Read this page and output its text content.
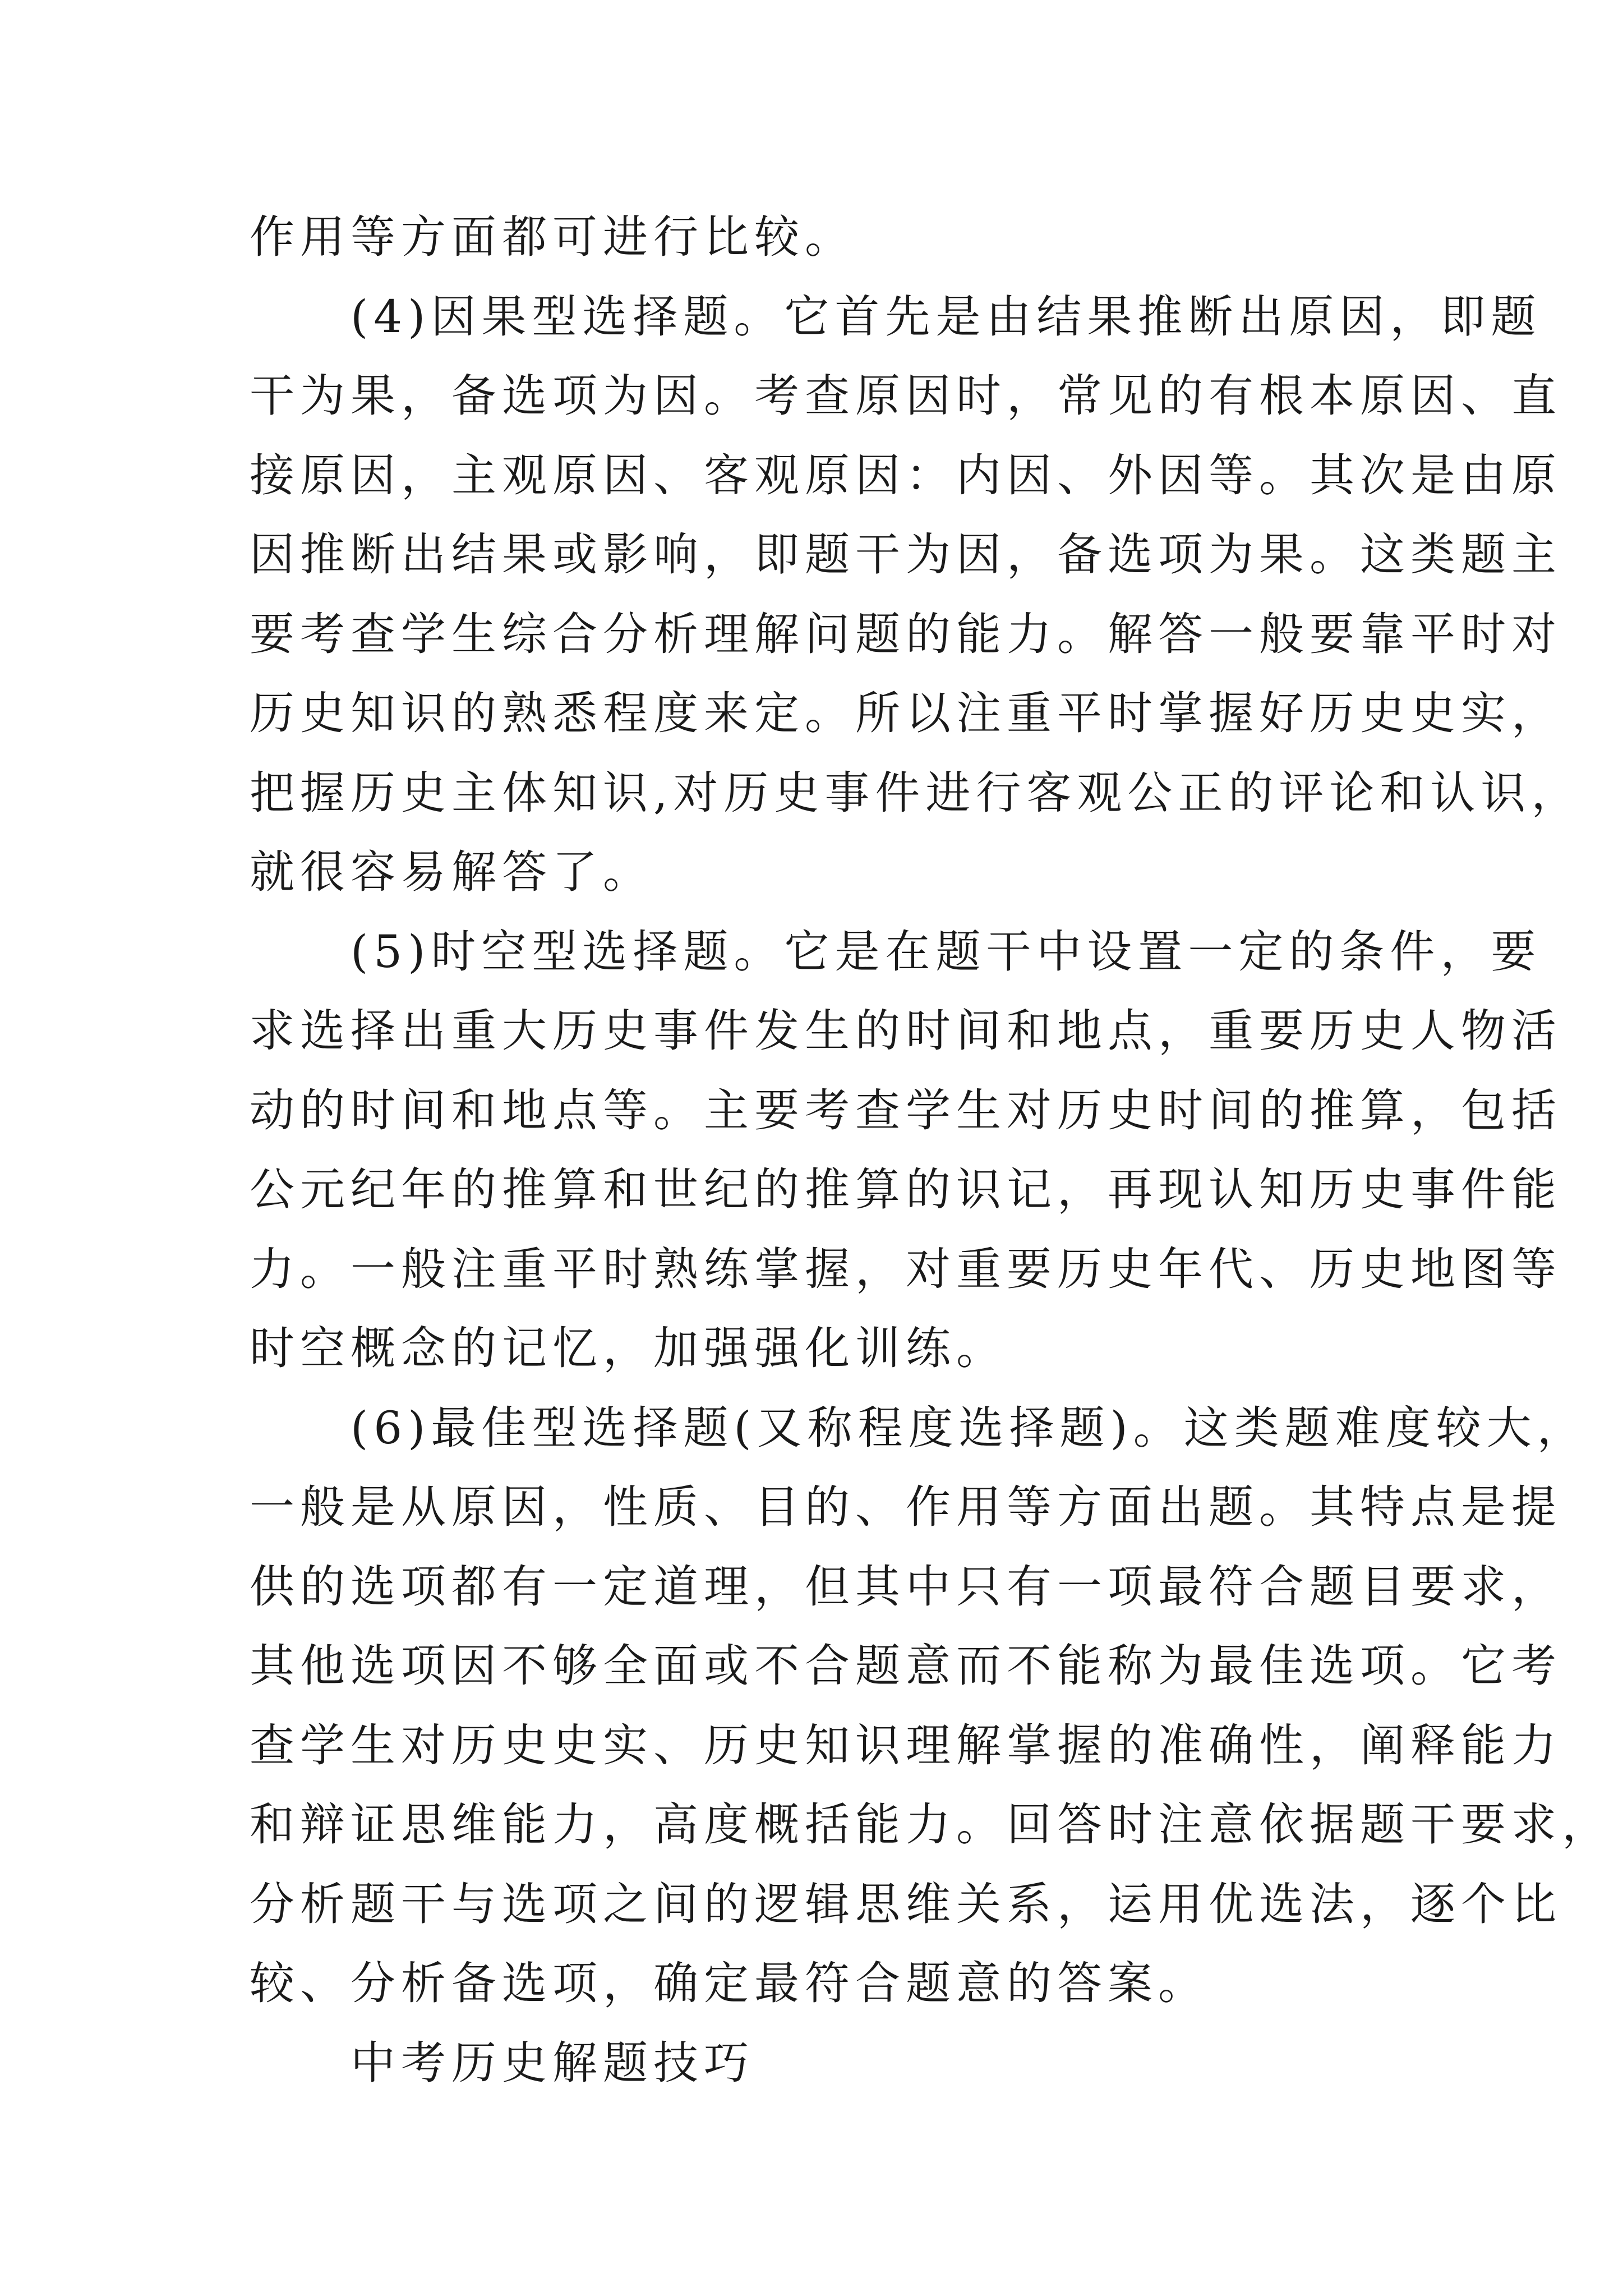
作用等方面都可进行比较。
(4)因果型选择题。它首先是由结果推断出原因，即题
干为果，备选项为因。考查原因时，常见的有根本原因、直
接原因，主观原因、客观原因：内因、外因等。其次是由原
因推断出结果或影响，即题干为因，备选项为果。这类题主
要考查学生综合分析理解问题的能力。解答一般要靠平时对
历史知识的熟悉程度来定。所以注重平时掌握好历史史实，
把握历史主体知识,对历史事件进行客观公正的评论和认识，
就很容易解答了。
(5)时空型选择题。它是在题干中设置一定的条件，要
求选择出重大历史事件发生的时间和地点，重要历史人物活
动的时间和地点等。主要考查学生对历史时间的推算，包括
公元纪年的推算和世纪的推算的识记，再现认知历史事件能
力。一般注重平时熟练掌握，对重要历史年代、历史地图等
时空概念的记忆，加强强化训练。
(6)最佳型选择题(又称程度选择题)。这类题难度较大，
一般是从原因，性质、目的、作用等方面出题。其特点是提
供的选项都有一定道理，但其中只有一项最符合题目要求，
其他选项因不够全面或不合题意而不能称为最佳选项。它考
查学生对历史史实、历史知识理解掌握的准确性，阐释能力
和辩证思维能力，高度概括能力。回答时注意依据题干要求，
分析题干与选项之间的逻辑思维关系，运用优选法，逐个比
较、分析备选项，确定最符合题意的答案。
中考历史解题技巧
